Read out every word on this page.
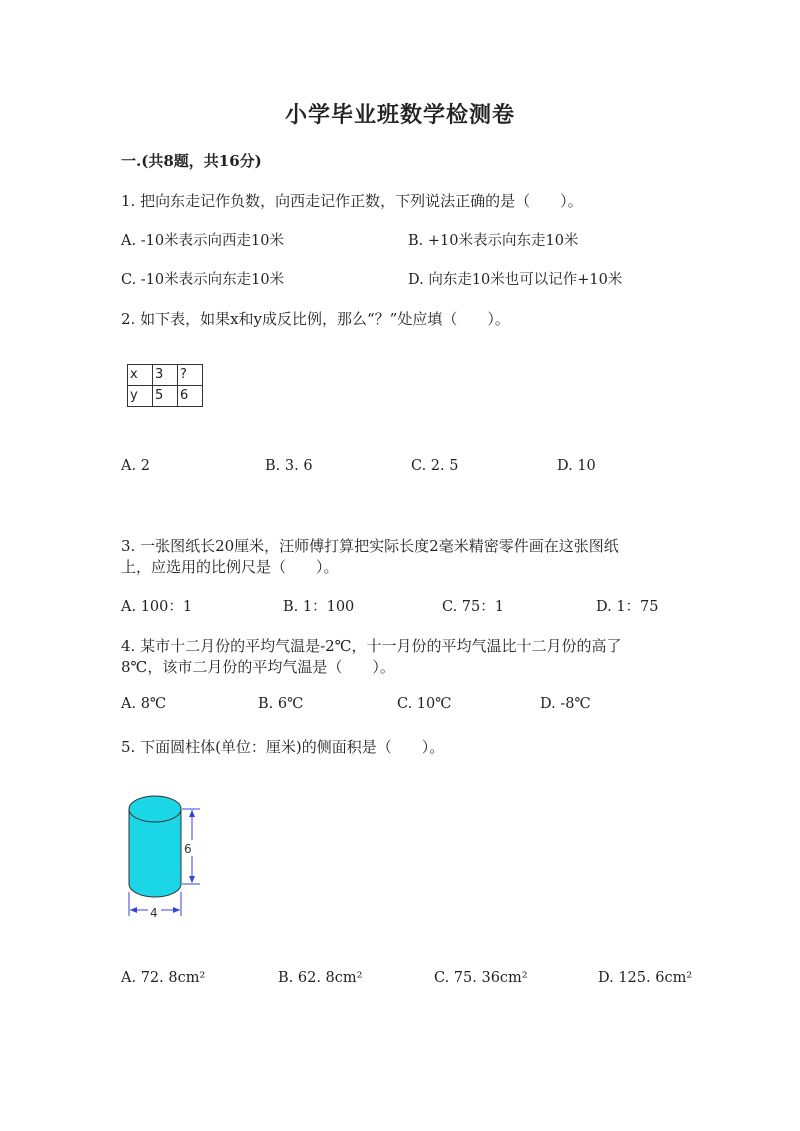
小学毕业班数学检测卷
一.(共8题，共16分)
1. 把向东走记作负数，向西走记作正数，下列说法正确的是（　　）。
A. -10米表示向西走10米	B. +10米表示向东走10米
C. -10米表示向东走10米	D. 向东走10米也可以记作+10米
2. 如下表，如果x和y成反比例，那么“？”处应填（　　）。
x	3	?
y	5	6
A. 2	B. 3. 6	C. 2. 5	D. 10
3. 一张图纸长20厘米，汪师傅打算把实际长度2毫米精密零件画在这张图纸
上，应选用的比例尺是（　　）。
A. 100：1	B. 1：100	C. 75：1	D. 1：75
4. 某市十二月份的平均气温是-2℃，十一月份的平均气温比十二月份的高了
8℃，该市二月份的平均气温是（　　）。
A. 8℃	B. 6℃	C. 10℃	D. -8℃
5. 下面圆柱体(单位：厘米)的侧面积是（　　）。
6
4
A. 72. 8cm²	B. 62. 8cm²	C. 75. 36cm²	D. 125. 6cm²
